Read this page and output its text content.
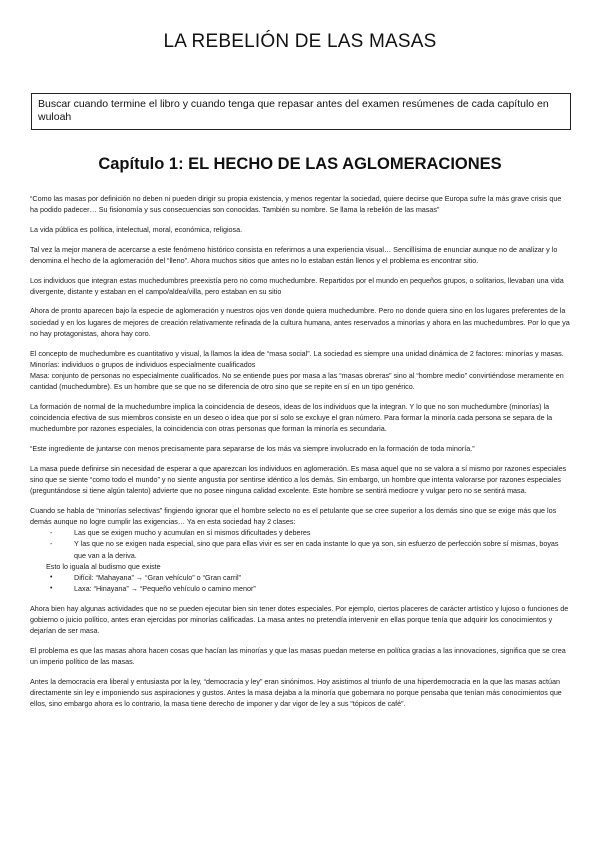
LA REBELIÓN DE LAS MASAS
Buscar cuando termine el libro y cuando tenga que repasar antes del examen resúmenes de cada capítulo en wuloah
Capítulo 1: EL HECHO DE LAS AGLOMERACIONES

“Como las masas por definición no deben ni pueden dirigir su propia existencia, y menos regentar la sociedad, quiere decirse que Europa sufre la más grave crisis que ha podido padecer… Su fisionomía y sus consecuencias son conocidas. También su nombre. Se llama la rebelión de las masas”

La vida pública es política, intelectual, moral, económica, religiosa.

Tal vez la mejor manera de acercarse a este fenómeno histórico consista en referirnos a una experiencia visual… Sencillísima de enunciar aunque no de analizar y lo denomina el hecho de la aglomeración del “lleno”. Ahora muchos sitios que antes no lo estaban están llenos y el problema es encontrar sitio.

Los individuos que integran estas muchedumbres preexistía pero no como muchedumbre. Repartidos por el mundo en pequeños grupos, o solitarios, llevaban una vida divergente, distante y estaban en el campo/aldea/villa, pero estaban en su sitio

Ahora de pronto aparecen bajo la especie de aglomeración y nuestros ojos ven donde quiera muchedumbre. Pero no donde quiera sino en los lugares preferentes de la sociedad y en los lugares de mejores de creación relativamente refinada de la cultura humana, antes reservados a minorías y ahora en las muchedumbres. Por lo que ya no hay protagonistas, ahora hay coro.

El concepto de muchedumbre es cuantitativo y visual, la llamos la idea de “masa social”. La sociedad es siempre una unidad dinámica de 2 factores: minorías y masas.

Minorías: individuos o grupos de individuos especialmente cualificados

Masa: conjunto de personas no especialmente cualificados. No se entiende pues por masa a las “masas obreras” sino al “hombre medio” convirtiéndose meramente en cantidad (muchedumbre). Es un hombre que se que no se diferencia de otro sino que se repite en sí en un tipo genérico.

La formación de normal de la muchedumbre implica la coincidencia de deseos, ideas de los individuos que la integran. Y lo que no son muchedumbre (minorías) la coincidencia efectiva de sus miembros consiste en un deseo o idea que por sí solo se excluye el gran número. Para formar la minoría cada persona se separa de la muchedumbre por razones especiales, la coincidencia con otras personas que forman la minoría es secundaria.

“Este ingrediente de juntarse con menos precisamente para separarse de los más va siempre involucrado en la formación de toda minoría.”

La masa puede definirse sin necesidad de esperar a que aparezcan los individuos en aglomeración. Es masa aquel que no se valora a sí mismo por razones especiales sino que se siente “como todo el mundo” y no siente angustia por sentirse idéntico a los demás. Sin embargo, un hombre que intenta valorarse por razones especiales (preguntándose si tiene algún talento) advierte que no posee ninguna calidad excelente. Este hombre se sentirá mediocre y vulgar pero no se sentirá masa.

Cuando se habla de “minorías selectivas” fingiendo ignorar que el hombre selecto no es el petulante que se cree superior a los demás sino que se exige más que los demás aunque no logre cumplir las exigencias… Ya en esta sociedad hay 2 clases:

- Las que se exigen mucho y acumulan en sí mismos dificultades y deberes
- Y las que no se exigen nada especial, sino que para ellas vivir es ser en cada instante lo que ya son, sin esfuerzo de perfección sobre sí mismas, boyas que van a la deriva.
Esto lo iguala al budismo que existe
• Difícil: “Mahayana” → “Gran vehículo” o “Gran carril”
• Laxa: “Hinayana” → “Pequeño vehículo o camino menor”

Ahora bien hay algunas actividades que no se pueden ejecutar bien sin tener dotes especiales. Por ejemplo, ciertos placeres de carácter artístico y lujoso o funciones de gobierno o juicio político, antes eran ejercidas por minorías calificadas. La masa antes no pretendía intervenir en ellas porque tenía que adquirir los conocimientos y dejarían de ser masa.

El problema es que las masas ahora hacen cosas que hacían las minorías y que las masas puedan meterse en política gracias a las innovaciones, significa que se crea un imperio político de las masas.

Antes la democracia era liberal y entusiasta por la ley, “democracia y ley” eran sinónimos. Hoy asistimos al triunfo de una hiperdemocracia en la que las masas actúan directamente sin ley e imponiendo sus aspiraciones y gustos. Antes la masa dejaba a la minoría que gobernara no porque pensaba que tenían más conocimientos que ellos, sino embargo ahora es lo contrario, la masa tiene derecho de imponer y dar vigor de ley a sus “tópicos de café”.
